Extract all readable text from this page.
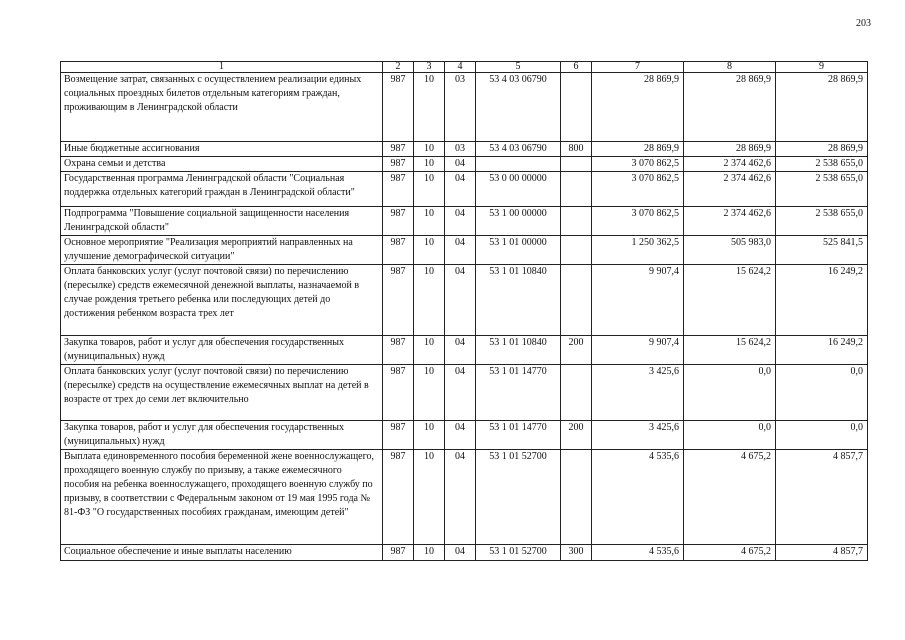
203
1	2	3	4	5	6	7	8	9
Возмещение затрат, связанных с осуществлением реализации единых социальных проездных билетов отдельным категориям граждан, проживающим в Ленинградской области	987	10	03	53 4 03 06790		28 869,9	28 869,9	28 869,9
Иные бюджетные ассигнования	987	10	03	53 4 03 06790	800	28 869,9	28 869,9	28 869,9
Охрана семьи и детства	987	10	04			3 070 862,5	2 374 462,6	2 538 655,0
Государственная программа Ленинградской области "Социальная поддержка отдельных категорий граждан в Ленинградской области"	987	10	04	53 0 00 00000		3 070 862,5	2 374 462,6	2 538 655,0
Подпрограмма "Повышение социальной защищенности населения Ленинградской области"	987	10	04	53 1 00 00000		3 070 862,5	2 374 462,6	2 538 655,0
Основное мероприятие "Реализация мероприятий направленных на улучшение демографической ситуации"	987	10	04	53 1 01 00000		1 250 362,5	505 983,0	525 841,5
Оплата банковских услуг (услуг почтовой связи) по перечислению (пересылке) средств ежемесячной денежной выплаты, назначаемой в случае рождения третьего ребенка или последующих детей до достижения ребенком возраста трех лет	987	10	04	53 1 01 10840		9 907,4	15 624,2	16 249,2
Закупка товаров, работ и услуг для обеспечения государственных (муниципальных) нужд	987	10	04	53 1 01 10840	200	9 907,4	15 624,2	16 249,2
Оплата банковских услуг (услуг почтовой связи) по перечислению (пересылке) средств на осуществление ежемесячных выплат на детей в возрасте от трех до семи лет включительно	987	10	04	53 1 01 14770		3 425,6	0,0	0,0
Закупка товаров, работ и услуг для обеспечения государственных (муниципальных) нужд	987	10	04	53 1 01 14770	200	3 425,6	0,0	0,0
Выплата единовременного пособия беременной жене военнослужащего, проходящего военную службу по призыву, а также ежемесячного пособия на ребенка военнослужащего, проходящего военную службу по призыву, в соответствии с Федеральным законом от 19 мая 1995 года № 81-ФЗ "О государственных пособиях гражданам, имеющим детей"	987	10	04	53 1 01 52700		4 535,6	4 675,2	4 857,7
Социальное обеспечение и иные выплаты населению	987	10	04	53 1 01 52700	300	4 535,6	4 675,2	4 857,7
